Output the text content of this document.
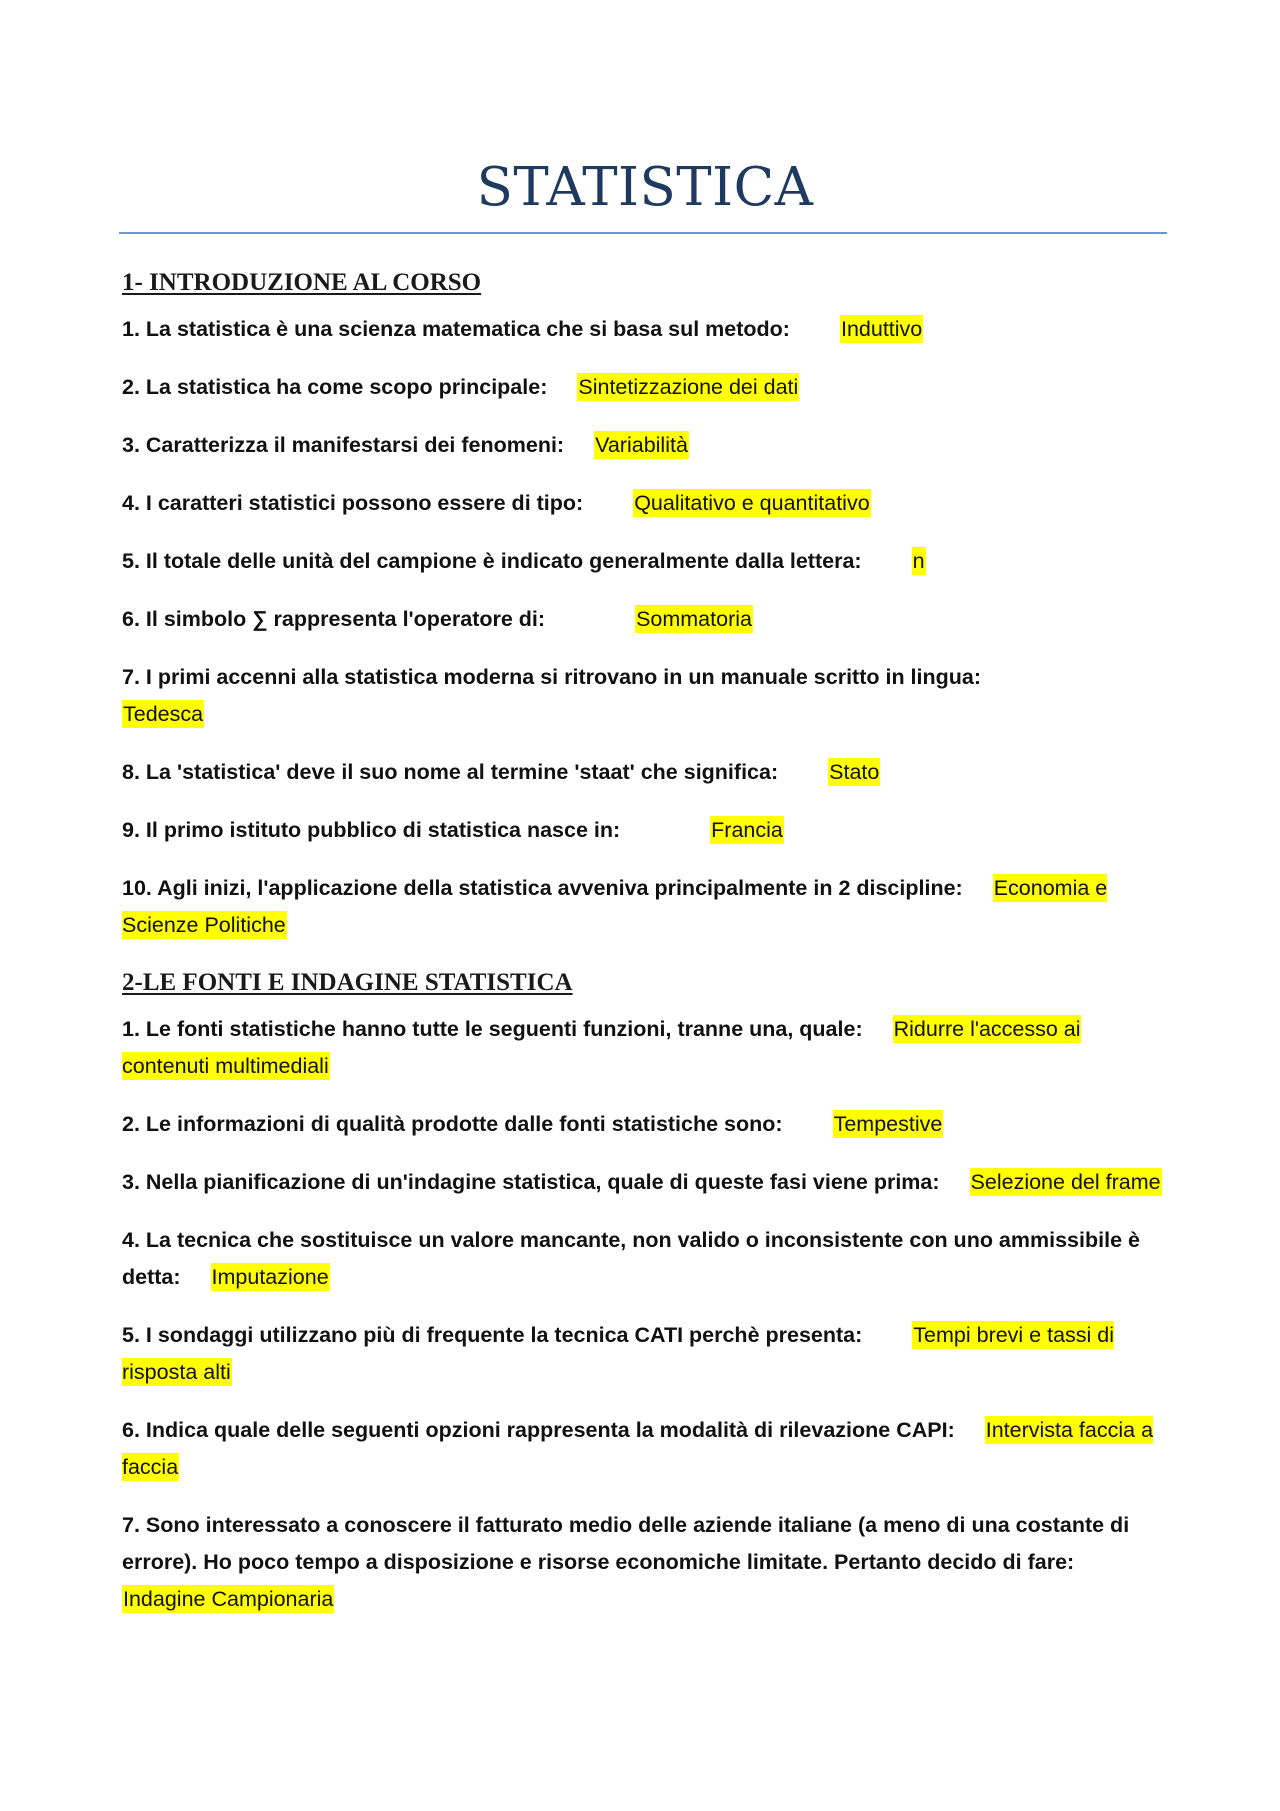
STATISTICA
1- INTRODUZIONE AL CORSO

1. La statistica è una scienza matematica che si basa sul metodo: Induttivo

2. La statistica ha come scopo principale: Sintetizzazione dei dati

3. Caratterizza il manifestarsi dei fenomeni: Variabilità

4. I caratteri statistici possono essere di tipo: Qualitativo e quantitativo

5. Il totale delle unità del campione è indicato generalmente dalla lettera: n

6. Il simbolo ∑ rappresenta l'operatore di:	Sommatoria

7. I primi accenni alla statistica moderna si ritrovano in un manuale scritto in lingua:
Tedesca

8. La 'statistica' deve il suo nome al termine 'staat' che significa: Stato

9. Il primo istituto pubblico di statistica nasce in:	Francia

10. Agli inizi, l'applicazione della statistica avveniva principalmente in 2 discipline: Economia e Scienze Politiche

2-LE FONTI E INDAGINE STATISTICA

1. Le fonti statistiche hanno tutte le seguenti funzioni, tranne una, quale: Ridurre l'accesso ai contenuti multimediali

2. Le informazioni di qualità prodotte dalle fonti statistiche sono: Tempestive

3. Nella pianificazione di un'indagine statistica, quale di queste fasi viene prima: Selezione del frame

4. La tecnica che sostituisce un valore mancante, non valido o inconsistente con uno ammissibile è detta: Imputazione

5. I sondaggi utilizzano più di frequente la tecnica CATI perchè presenta: Tempi brevi e tassi di risposta alti

6. Indica quale delle seguenti opzioni rappresenta la modalità di rilevazione CAPI: Intervista faccia a faccia

7. Sono interessato a conoscere il fatturato medio delle aziende italiane (a meno di una costante di errore). Ho poco tempo a disposizione e risorse economiche limitate. Pertanto decido di fare:
Indagine Campionaria
